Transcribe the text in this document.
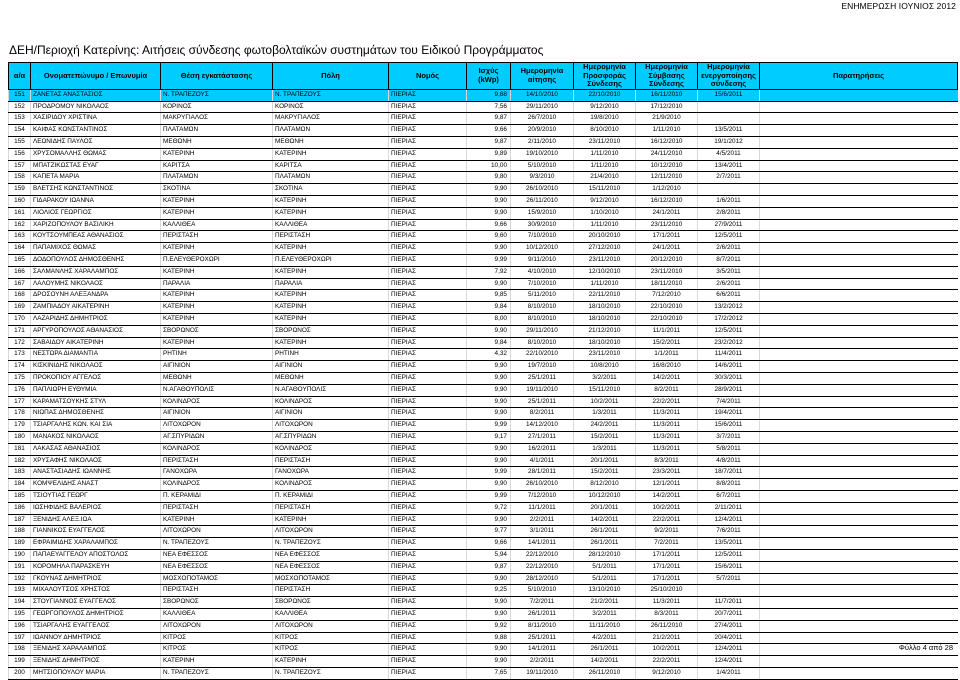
ΕΝΗΜΕΡΩΣΗ ΙΟΥΝΙΟΣ 2012
ΔΕΗ/Περιοχή Κατερίνης: Αιτήσεις σύνδεσης φωτοβολταϊκών συστημάτων του Ειδικού Προγράμματος
α/α	Ονοματεπώνυμο / Επωνυμία	Θέση εγκατάστασης	Πόλη	Νομός	Ισχύς (kWp)	Ημερομηνία αίτησης	Ημερομηνία Προσφοράς Σύνδεσης	Ημερομηνία Σύμβασης Σύνδεσης	Ημερομηνία ενεργοποίησης σύνδεσης	Παρατηρήσεις
151	ΖΑΝΕΤΑΣ ΑΝΑΣΤΑΣΙΟΣ	Ν. ΤΡΑΠΕΖΟΥΣ	Ν. ΤΡΑΠΕΖΟΥΣ	ΠΙΕΡΙΑΣ	9,68	14/10/2010	22/10/2010	16/11/2010	15/6/2011	
152	ΠΡΟΔΡΟΜΟΥ ΝΙΚΟΛΑΟΣ	ΚΟΡΙΝΟΣ	ΚΟΡΙΝΟΣ	ΠΙΕΡΙΑΣ	7,56	29/11/2010	9/12/2010	17/12/2010		
153	ΧΑΣΙΡΙΔΟΥ ΧΡΙΣΤΙΝΑ	ΜΑΚΡΥΓΙΑΛΟΣ	ΜΑΚΡΥΓΙΑΛΟΣ	ΠΙΕΡΙΑΣ	9,87	26/7/2010	19/8/2010	21/9/2010		
154	ΚΑΙΦΑΣ ΚΩΝΣΤΑΝΤΙΝΟΣ	ΠΛΑΤΑΜΩΝ	ΠΛΑΤΑΜΩΝ	ΠΙΕΡΙΑΣ	9,66	20/9/2010	8/10/2010	1/11/2010	13/5/2011	
155	ΛΕΩΝΙΔΗΣ ΠΑΥΛΟΣ	ΜΕΘΩΝΗ	ΜΕΘΩΝΗ	ΠΙΕΡΙΑΣ	9,87	2/11/2010	23/11/2010	16/12/2010	19/1/2012	
156	ΧΡΥΣΟΜΑΛΛΗΣ ΘΩΜΑΣ	ΚΑΤΕΡΙΝΗ	ΚΑΤΕΡΙΝΗ	ΠΙΕΡΙΑΣ	9,89	19/10/2010	1/11/2010	24/11/2010	4/5/2011	
157	ΜΠΑΤΖΙΚΩΣΤΑΣ ΕΥΑΓ	ΚΑΡΙΤΣΑ	ΚΑΡΙΤΣΑ	ΠΙΕΡΙΑΣ	10,00	5/10/2010	1/11/2010	10/12/2010	13/4/2011	
158	ΚΑΠΕΤΑ ΜΑΡΙΑ	ΠΛΑΤΑΜΩΝ	ΠΛΑΤΑΜΩΝ	ΠΙΕΡΙΑΣ	9,80	9/3/2010	21/4/2010	12/11/2010	2/7/2011	
159	ΒΛΕΤΣΗΣ ΚΩΝΣΤΑΝΤΙΝΟΣ	ΣΚΟΤΙΝΑ	ΣΚΟΤΙΝΑ	ΠΙΕΡΙΑΣ	9,90	26/10/2010	15/11/2010	1/12/2010		
160	ΓΙΔΑΡΑΚΟΥ ΙΩΑΝΝΑ	ΚΑΤΕΡΙΝΗ	ΚΑΤΕΡΙΝΗ	ΠΙΕΡΙΑΣ	9,90	26/11/2010	9/12/2010	16/12/2010	1/6/2011	
161	ΛΙΟΛΙΟΣ ΓΕΩΡΓΙΟΣ	ΚΑΤΕΡΙΝΗ	ΚΑΤΕΡΙΝΗ	ΠΙΕΡΙΑΣ	9,90	15/9/2010	1/10/2010	24/1/2011	2/8/2011	
162	ΧΑΡΙΖΟΠΟΥΛΟΥ ΒΑΣΙΛΙΚΗ	ΚΑΛΛΙΘΕΑ	ΚΑΛΛΙΘΕΑ	ΠΙΕΡΙΑΣ	9,66	30/9/2010	1/11/2010	23/11/2010	27/9/2011	
163	ΚΟΥΤΣΟΥΜΠΕΑΣ ΑΘΑΝΑΣΙΟΣ	ΠΕΡΙΣΤΑΣΗ	ΠΕΡΙΣΤΑΣΗ	ΠΙΕΡΙΑΣ	9,60	7/10/2010	20/10/2010	17/1/2011	12/5/2011	
164	ΠΑΠΑΜΙΧΟΣ ΘΩΜΑΣ	ΚΑΤΕΡΙΝΗ	ΚΑΤΕΡΙΝΗ	ΠΙΕΡΙΑΣ	9,90	10/12/2010	27/12/2010	24/1/2011	2/6/2011	
165	ΔΟΔΟΠΟΥΛΟΣ ΔΗΜΟΣΘΕΝΗΣ	Π.ΕΛΕΥΘΕΡΟΧΩΡΙ	Π.ΕΛΕΥΘΕΡΟΧΩΡΙ	ΠΙΕΡΙΑΣ	9,99	9/11/2010	23/11/2010	20/12/2010	8/7/2011	
166	ΣΑΛΜΑΝΛΗΣ ΧΑΡΑΛΑΜΠΟΣ	ΚΑΤΕΡΙΝΗ	ΚΑΤΕΡΙΝΗ	ΠΙΕΡΙΑΣ	7,92	4/10/2010	12/10/2010	23/11/2010	3/5/2011	
167	ΛΑΛΟΥΜΗΣ ΝΙΚΟΛΑΟΣ	ΠΑΡΑΛΙΑ	ΠΑΡΑΛΙΑ	ΠΙΕΡΙΑΣ	9,90	7/10/2010	1/11/2010	18/11/2010	2/6/2011	
168	ΔΡΟΣΟΥΝΗ ΑΛΕΞΑΝΔΡΑ	ΚΑΤΕΡΙΝΗ	ΚΑΤΕΡΙΝΗ	ΠΙΕΡΙΑΣ	9,85	5/11/2010	22/11/2010	7/12/2010	6/6/2011	
169	ΖΑΜΠΙΑΔΟΥ ΑΙΚΑΤΕΡΙΝΗ	ΚΑΤΕΡΙΝΗ	ΚΑΤΕΡΙΝΗ	ΠΙΕΡΙΑΣ	9,84	8/10/2010	18/10/2010	22/10/2010	13/2/2012	
170	ΛΑΖΑΡΙΔΗΣ ΔΗΜΗΤΡΙΟΣ	ΚΑΤΕΡΙΝΗ	ΚΑΤΕΡΙΝΗ	ΠΙΕΡΙΑΣ	8,00	8/10/2010	18/10/2010	22/10/2010	17/2/2012	
171	ΑΡΓΥΡΟΠΟΥΛΟΣ ΑΘΑΝΑΣΙΟΣ	ΣΒΟΡΩΝΟΣ	ΣΒΟΡΩΝΟΣ	ΠΙΕΡΙΑΣ	9,90	29/11/2010	21/12/2010	11/1/2011	12/5/2011	
172	ΣΑΒΑΙΔΟΥ ΑΙΚΑΤΕΡΙΝΗ	ΚΑΤΕΡΙΝΗ	ΚΑΤΕΡΙΝΗ	ΠΙΕΡΙΑΣ	9,84	8/10/2010	18/10/2010	15/2/2011	23/2/2012	
173	ΝΕΣΤΩΡΑ ΔΙΑΜΑΝΤΙΑ	ΡΗΤΙΝΗ	ΡΗΤΙΝΗ	ΠΙΕΡΙΑΣ	4,32	22/10/2010	23/11/2010	1/1/2011	11/4/2011	
174	ΚΙΣΚΙΝΙΔΗΣ ΝΙΚΟΛΑΟΣ	ΑΙΓΙΝΙΟΝ	ΑΙΓΙΝΙΟΝ	ΠΙΕΡΙΑΣ	9,90	19/7/2010	10/8/2010	16/8/2010	14/6/2011	
175	ΠΡΟΚΟΠΙΟΥ ΑΓΓΕΛΟΣ	ΜΕΘΩΝΗ	ΜΕΘΩΝΗ	ΠΙΕΡΙΑΣ	9,90	25/1/2011	3/2/2011	14/2/2011	30/3/2011	
176	ΠΑΠΛΙΩΡΗ ΕΥΘΥΜΙΑ	Ν.ΑΓΑΘΟΥΠΟΛΙΣ	Ν.ΑΓΑΘΟΥΠΟΛΙΣ	ΠΙΕΡΙΑΣ	9,90	19/11/2010	15/11/2010	8/2/2011	28/9/2011	
177	ΚΑΡΑΜΑΤΣΟΥΚΗΣ ΣΤΥΛ	ΚΟΛΙΝΔΡΟΣ	ΚΟΛΙΝΔΡΟΣ	ΠΙΕΡΙΑΣ	9,90	25/1/2011	10/2/2011	22/2/2011	7/4/2011	
178	ΝΙΩΠΑΣ ΔΗΜΟΣΘΕΝΗΣ	ΑΙΓΙΝΙΟΝ	ΑΙΓΙΝΙΟΝ	ΠΙΕΡΙΑΣ	9,90	8/2/2011	1/3/2011	11/3/2011	19/4/2011	
179	ΤΣΙΑΡΓΑΛΗΣ ΚΩΝ. ΚΑΙ ΣΙΑ	ΛΙΤΟΧΩΡΟΝ	ΛΙΤΟΧΩΡΟΝ	ΠΙΕΡΙΑΣ	9,99	14/12/2010	24/2/2011	11/3/2011	15/6/2011	
180	ΜΑΝΑΚΟΣ ΝΙΚΟΛΑΟΣ	ΑΓ.ΣΠΥΡΙΔΩΝ	ΑΓ.ΣΠΥΡΙΔΩΝ	ΠΙΕΡΙΑΣ	9,17	27/1/2011	15/2/2011	11/3/2011	3/7/2011	
181	ΛΑΚΑΣΑΣ ΑΘΑΝΑΣΙΟΣ	ΚΟΛΙΝΔΡΟΣ	ΚΟΛΙΝΔΡΟΣ	ΠΙΕΡΙΑΣ	9,90	16/2/2011	1/3/2011	11/3/2011	5/8/2011	
182	ΧΡΥΣΑΦΗΣ ΝΙΚΟΛΑΟΣ	ΠΕΡΙΣΤΑΣΗ	ΠΕΡΙΣΤΑΣΗ	ΠΙΕΡΙΑΣ	9,90	4/1/2011	20/1/2011	8/3/2011	4/8/2011	
183	ΑΝΑΣΤΑΣΙΑΔΗΣ ΙΩΑΝΝΗΣ	ΓΑΝΟΧΩΡΑ	ΓΑΝΟΧΩΡΑ	ΠΙΕΡΙΑΣ	9,99	28/1/2011	15/2/2011	23/3/2011	18/7/2011	
184	ΚΟΜΨΕΛΙΔΗΣ ΑΝΑΣΤ	ΚΟΛΙΝΔΡΟΣ	ΚΟΛΙΝΔΡΟΣ	ΠΙΕΡΙΑΣ	9,90	26/10/2010	8/12/2010	12/1/2011	8/8/2011	
185	ΤΣΙΟΥΤΙΑΣ ΓΕΩΡΓ	Π. ΚΕΡΑΜΙΔΙ	Π. ΚΕΡΑΜΙΔΙ	ΠΙΕΡΙΑΣ	9,99	7/12/2010	10/12/2010	14/2/2011	6/7/2011	
186	ΙΩΣΗΦΙΔΗΣ ΒΑΛΕΡΙΟΣ	ΠΕΡΙΣΤΑΣΗ	ΠΕΡΙΣΤΑΣΗ	ΠΙΕΡΙΑΣ	9,72	11/1/2011	20/1/2011	10/2/2011	2/11/2011	
187	ΞΕΝΙΔΗΣ ΑΛΕΞ.ΙΩΑ	ΚΑΤΕΡΙΝΗ	ΚΑΤΕΡΙΝΗ	ΠΙΕΡΙΑΣ	9,90	2/2/2011	14/2/2011	22/2/2011	12/4/2011	
188	ΓΙΑΝΝΙΚΟΣ ΕΥΑΓΓΕΛΟΣ	ΛΙΤΟΧΩΡΟΝ	ΛΙΤΟΧΩΡΟΝ	ΠΙΕΡΙΑΣ	9,77	3/1/2011	26/1/2011	9/2/2011	7/6/2011	
189	ΕΦΡΑΙΜΙΔΗΣ ΧΑΡΑΛΑΜΠΟΣ	Ν. ΤΡΑΠΕΖΟΥΣ	Ν. ΤΡΑΠΕΖΟΥΣ	ΠΙΕΡΙΑΣ	9,66	14/1/2011	26/1/2011	7/2/2011	13/5/2011	
190	ΠΑΠΑΕΥΑΓΓΕΛΟΥ ΑΠΟΣΤΟΛΟΣ	ΝΕΑ ΕΦΕΣΣΟΣ	ΝΕΑ ΕΦΕΣΣΟΣ	ΠΙΕΡΙΑΣ	5,94	22/12/2010	28/12/2010	17/1/2011	12/5/2011	
191	ΚΟΡΟΜΗΛΑ ΠΑΡΑΣΚΕΥΗ	ΝΕΑ ΕΦΕΣΣΟΣ	ΝΕΑ ΕΦΕΣΣΟΣ	ΠΙΕΡΙΑΣ	9,87	22/12/2010	5/1/2011	17/1/2011	15/6/2011	
192	ΓΚΟΥΝΑΣ ΔΗΜΗΤΡΙΟΣ	ΜΟΣΧΟΠΟΤΑΜΟΣ	ΜΟΣΧΟΠΟΤΑΜΟΣ	ΠΙΕΡΙΑΣ	9,90	28/12/2010	5/1/2011	17/1/2011	5/7/2011	
193	ΜΙΧΑΛΟΥΤΣΟΣ ΧΡΗΣΤΟΣ	ΠΕΡΙΣΤΑΣΗ	ΠΕΡΙΣΤΑΣΗ	ΠΙΕΡΙΑΣ	9,25	5/10/2010	13/10/2010	25/10/2010		
194	ΣΤΟΥΓΙΑΝΝΟΣ ΕΥΑΓΓΕΛΟΣ	ΣΒΟΡΩΝΟΣ	ΣΒΟΡΩΝΟΣ	ΠΙΕΡΙΑΣ	9,90	7/2/2011	21/2/2011	11/3/2011	11/7/2011	
195	ΓΕΩΡΓΟΠΟΥΛΟΣ ΔΗΜΗΤΡΙΟΣ	ΚΑΛΛΙΘΕΑ	ΚΑΛΛΙΘΕΑ	ΠΙΕΡΙΑΣ	9,90	26/1/2011	3/2/2011	8/3/2011	20/7/2011	
196	ΤΣΙΑΡΓΑΛΗΣ ΕΥΑΓΓΕΛΟΣ	ΛΙΤΟΧΩΡΟΝ	ΛΙΤΟΧΩΡΟΝ	ΠΙΕΡΙΑΣ	9,92	8/11/2010	11/11/2010	26/11/2010	27/4/2011	
197	ΙΩΑΝΝΟΥ ΔΗΜΗΤΡΙΟΣ	ΚΙΤΡΟΣ	ΚΙΤΡΟΣ	ΠΙΕΡΙΑΣ	9,88	25/1/2011	4/2/2011	21/2/2011	20/4/2011	
198	ΞΕΝΙΔΗΣ ΧΑΡΑΛΑΜΠΟΣ	ΚΙΤΡΟΣ	ΚΙΤΡΟΣ	ΠΙΕΡΙΑΣ	9,90	14/1/2011	26/1/2011	10/2/2011	12/4/2011	
199	ΞΕΝΙΔΗΣ ΔΗΜΗΤΡΙΟΣ	ΚΑΤΕΡΙΝΗ	ΚΑΤΕΡΙΝΗ	ΠΙΕΡΙΑΣ	9,90	2/2/2011	14/2/2011	22/2/2011	12/4/2011	
200	ΜΗΤΣΙΟΠΟΥΛΟΥ ΜΑΡΙΑ	Ν. ΤΡΑΠΕΖΟΥΣ	Ν. ΤΡΑΠΕΖΟΥΣ	ΠΙΕΡΙΑΣ	7,65	19/11/2010	26/11/2010	9/12/2010	1/4/2011	
Φύλλο 4 από 28
